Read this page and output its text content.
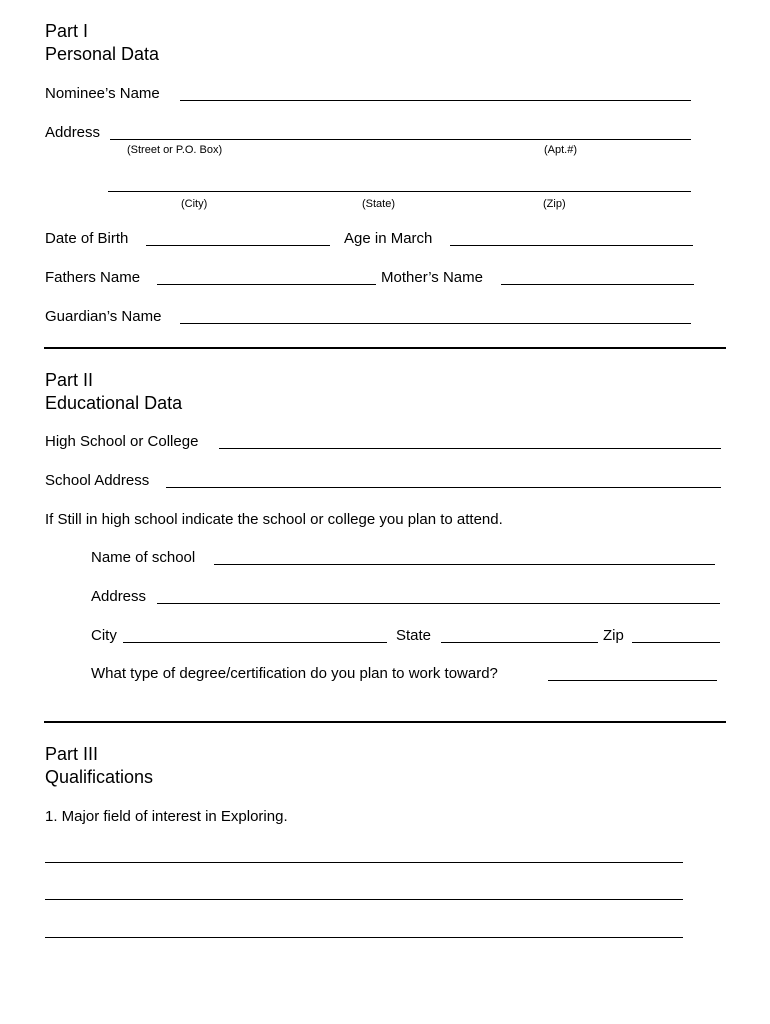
Part I
Personal Data
Nominee’s Name
Address
(Street or P.O. Box)	(Apt.#)
(City)	(State)	(Zip)
Date of Birth	Age in March
Fathers Name	Mother’s Name
Guardian’s Name
Part II
Educational Data
High School or College
School Address
If Still in high school indicate the school or college you plan to attend.
Name of school
Address
City	State	Zip
What type of degree/certification do you plan to work toward?
Part III
Qualifications
1. Major field of interest in Exploring.
